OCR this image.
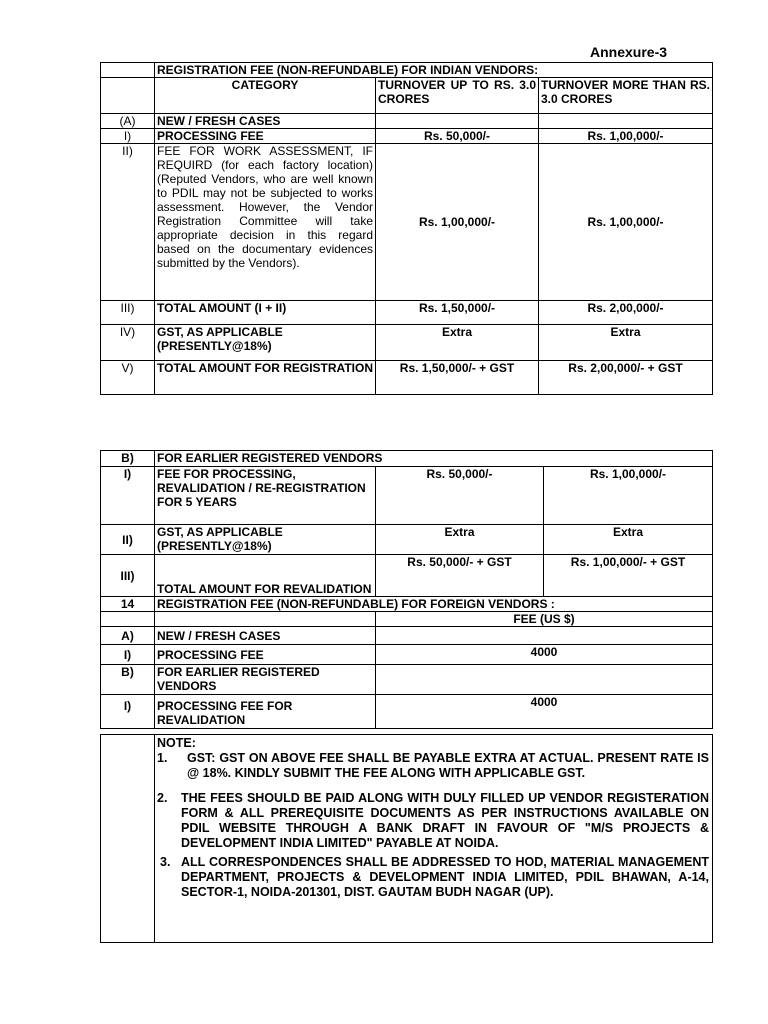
Annexure-3
	REGISTRATION FEE (NON-REFUNDABLE) FOR INDIAN VENDORS:		
	CATEGORY	TURNOVER UP TO RS. 3.0 CRORES	TURNOVER MORE THAN RS. 3.0 CRORES
(A)	NEW / FRESH CASES		
I)	PROCESSING FEE	Rs. 50,000/-	Rs. 1,00,000/-
II)	FEE FOR WORK ASSESSMENT, IF REQUIRD (for each factory location) (Reputed Vendors, who are well known to PDIL may not be subjected to works assessment. However, the Vendor Registration Committee will take appropriate decision in this regard based on the documentary evidences submitted by the Vendors).	Rs. 1,00,000/-	Rs. 1,00,000/-
III)	TOTAL AMOUNT (I + II)	Rs. 1,50,000/-	Rs. 2,00,000/-
IV)	GST, AS APPLICABLE (PRESENTLY@18%)	Extra	Extra
V)	TOTAL AMOUNT FOR REGISTRATION	Rs. 1,50,000/- + GST	Rs. 2,00,000/- + GST
B)	FOR EARLIER REGISTERED VENDORS		
I)	FEE FOR PROCESSING, REVALIDATION / RE-REGISTRATION FOR 5 YEARS	Rs. 50,000/-	Rs. 1,00,000/-
II)	GST, AS APPLICABLE (PRESENTLY@18%)	Extra	Extra
III)	TOTAL AMOUNT FOR REVALIDATION	Rs. 50,000/- + GST	Rs. 1,00,000/- + GST
14	REGISTRATION FEE (NON-REFUNDABLE) FOR FOREIGN VENDORS :		
		FEE (US $)	
A)	NEW / FRESH CASES		
I)	PROCESSING FEE	4000	
B)	FOR EARLIER REGISTERED VENDORS		
I)	PROCESSING FEE FOR REVALIDATION	4000	

NOTE:
1.	GST: GST ON ABOVE FEE SHALL BE PAYABLE EXTRA AT ACTUAL. PRESENT RATE IS @ 18%. KINDLY SUBMIT THE FEE ALONG WITH APPLICABLE GST.
2.	THE FEES SHOULD BE PAID ALONG WITH DULY FILLED UP VENDOR REGISTERATION FORM & ALL PREREQUISITE DOCUMENTS AS PER INSTRUCTIONS AVAILABLE ON PDIL WEBSITE THROUGH A BANK DRAFT IN FAVOUR OF "M/S PROJECTS & DEVELOPMENT INDIA LIMITED" PAYABLE AT NOIDA.
3. ALL CORRESPONDENCES SHALL BE ADDRESSED TO HOD, MATERIAL MANAGEMENT DEPARTMENT, PROJECTS & DEVELOPMENT INDIA LIMITED, PDIL BHAWAN, A-14, SECTOR-1, NOIDA-201301, DIST. GAUTAM BUDH NAGAR (UP).
